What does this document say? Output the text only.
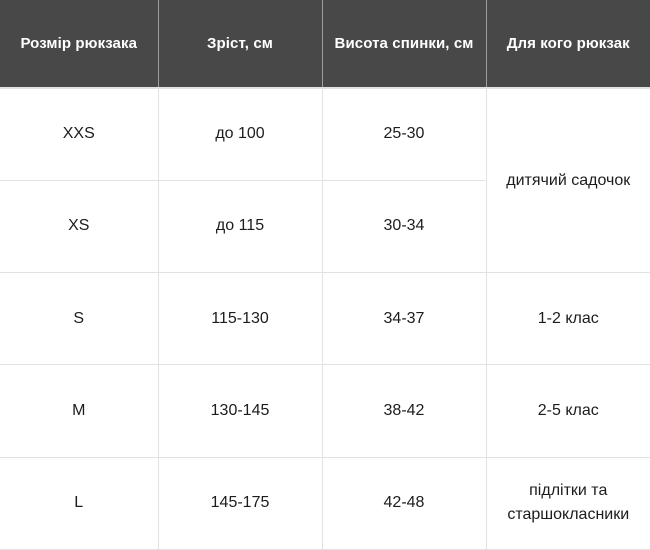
Розмір рюкзака	Зріст, см	Висота спинки, см	Для кого рюкзак
XXS	до 100	25-30	дитячий садочок
XS	до 115	30-34	
S	115-130	34-37	1-2 клас
M	130-145	38-42	2-5 клас
L	145-175	42-48	підлітки та старшокласники
